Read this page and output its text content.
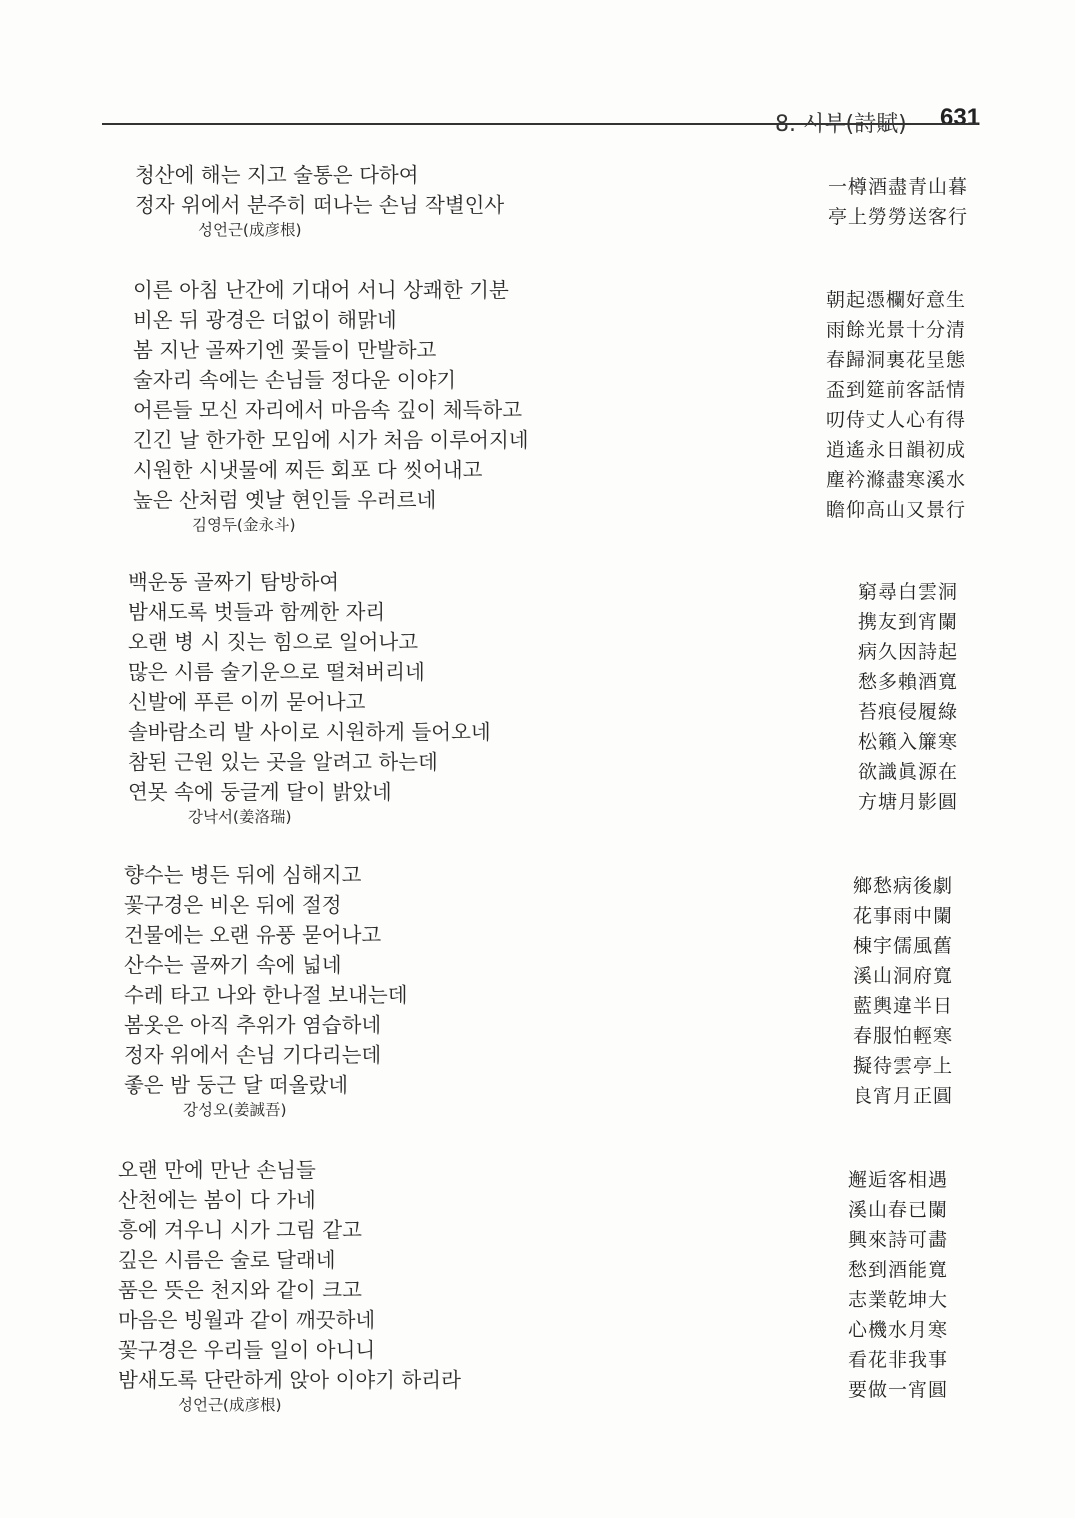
8. 시부(詩賦) 631
청산에 해는 지고 술통은 다하여
정자 위에서 분주히 떠나는 손님 작별인사
성언근(成彦根)
一樽酒盡青山暮
亭上勞勞送客行
이른 아침 난간에 기대어 서니 상쾌한 기분
비온 뒤 광경은 더없이 해맑네
봄 지난 골짜기엔 꽃들이 만발하고
술자리 속에는 손님들 정다운 이야기
어른들 모신 자리에서 마음속 깊이 체득하고
긴긴 날 한가한 모임에 시가 처음 이루어지네
시원한 시냇물에 찌든 회포 다 씻어내고
높은 산처럼 옛날 현인들 우러르네
김영두(金永斗)
朝起憑欄好意生
雨餘光景十分清
春歸洞裏花呈態
盃到筵前客話情
叨侍丈人心有得
逍遙永日韻初成
塵衿滌盡寒溪水
瞻仰高山又景行
백운동 골짜기 탐방하여
밤새도록 벗들과 함께한 자리
오랜 병 시 짓는 힘으로 일어나고
많은 시름 술기운으로 떨쳐버리네
신발에 푸른 이끼 묻어나고
솔바람소리 발 사이로 시원하게 들어오네
참된 근원 있는 곳을 알려고 하는데
연못 속에 둥글게 달이 밝았네
강낙서(姜洛瑞)
窮尋白雲洞
携友到宵闌
病久因詩起
愁多賴酒寬
苔痕侵履綠
松籟入簾寒
欲識眞源在
方塘月影圓
향수는 병든 뒤에 심해지고
꽃구경은 비온 뒤에 절정
건물에는 오랜 유풍 묻어나고
산수는 골짜기 속에 넓네
수레 타고 나와 한나절 보내는데
봄옷은 아직 추위가 염습하네
정자 위에서 손님 기다리는데
좋은 밤 둥근 달 떠올랐네
강성오(姜誠吾)
鄉愁病後劇
花事雨中闌
棟宇儒風舊
溪山洞府寬
藍輿違半日
春服怕輕寒
擬待雲亭上
良宵月正圓
오랜 만에 만난 손님들
산천에는 봄이 다 가네
흥에 겨우니 시가 그림 같고
깊은 시름은 술로 달래네
품은 뜻은 천지와 같이 크고
마음은 빙월과 같이 깨끗하네
꽃구경은 우리들 일이 아니니
밤새도록 단란하게 앉아 이야기 하리라
성언근(成彦根)
邂逅客相遇
溪山春已闌
興來詩可畵
愁到酒能寬
志業乾坤大
心機水月寒
看花非我事
要做一宵圓
